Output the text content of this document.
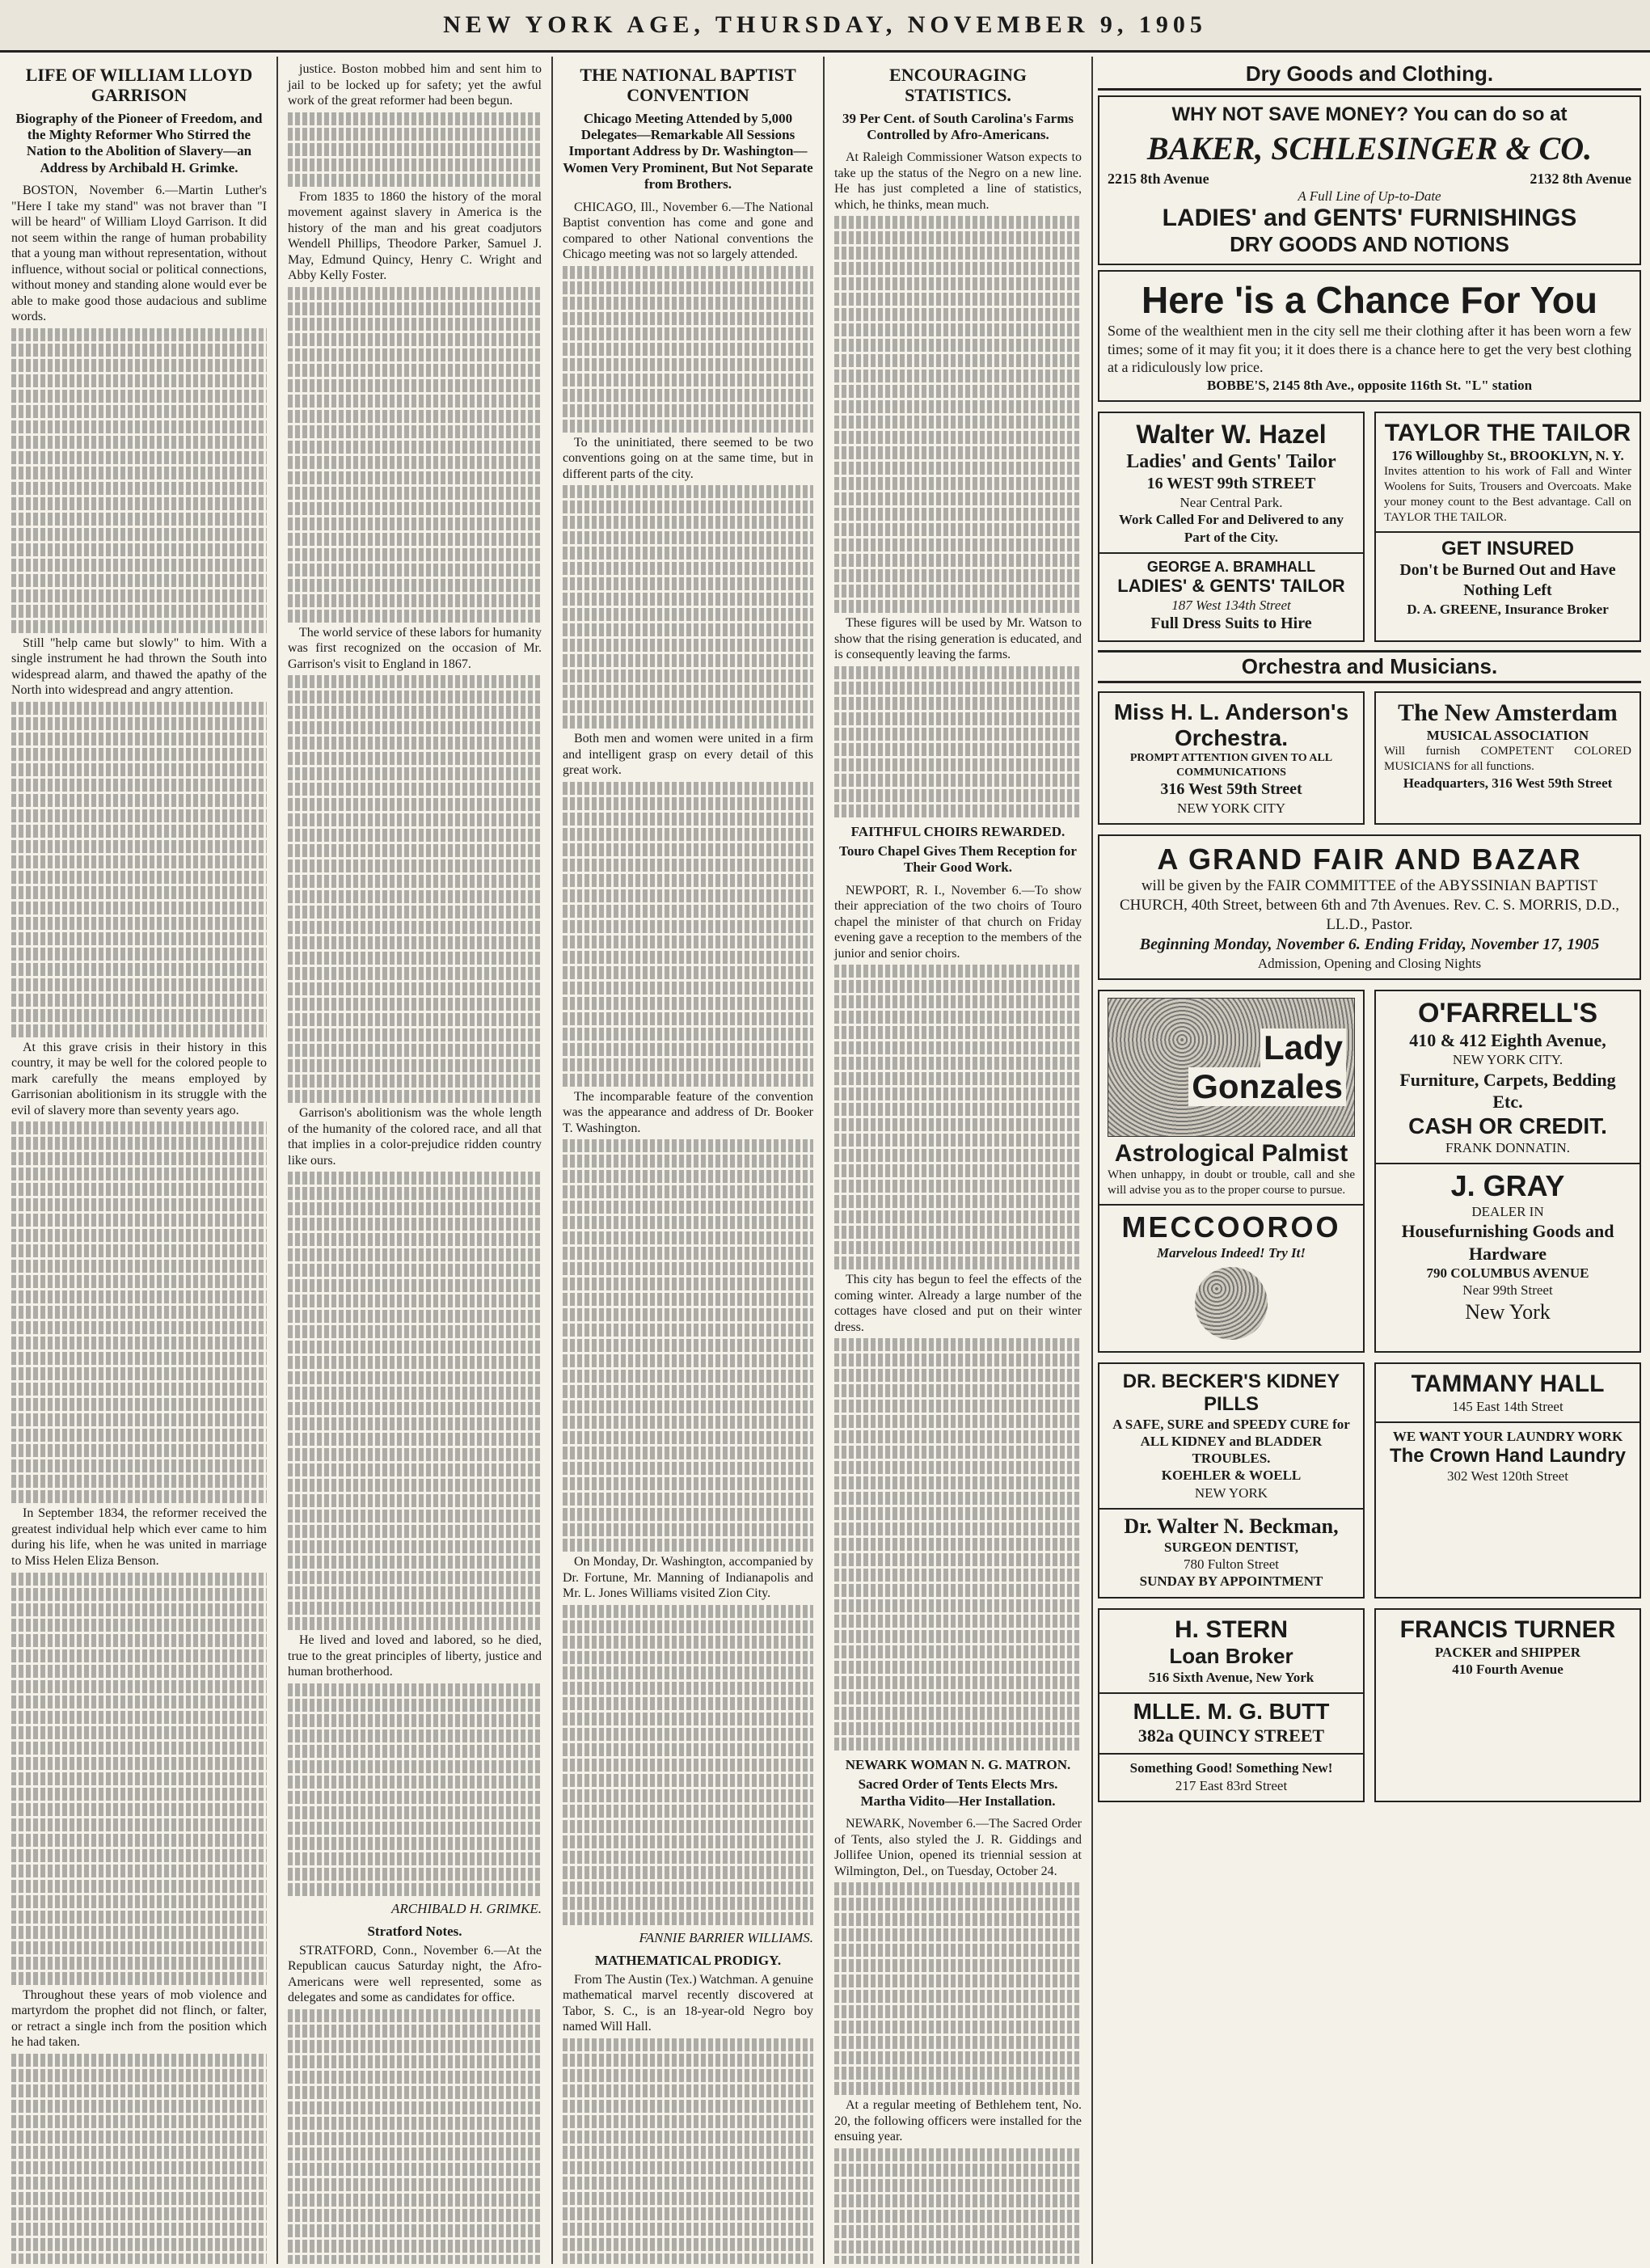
NEW YORK AGE, THURSDAY, NOVEMBER 9, 1905
LIFE OF WILLIAM LLOYD GARRISON
Biography of the Pioneer of Freedom, and the Mighty Reformer Who Stirred the Nation to the Abolition of Slavery—an Address by Archibald H. Grimke.

BOSTON, November 6.—Martin Luther's "Here I take my stand" was not braver than "I will be heard" of William Lloyd Garrison. It did not seem within the range of human probability that a young man without representation, without influence, without social or political connections, without money and standing alone would ever be able to make good those audacious and sublime words.

Still "help came but slowly" to him. With a single instrument he had thrown the South into widespread alarm, and thawed the apathy of the North into widespread and angry attention.

At this grave crisis in their history in this country, it may be well for the colored people to mark carefully the means employed by Garrisonian abolitionism in its struggle with the evil of slavery more than seventy years ago.

In September 1834, the reformer received the greatest individual help which ever came to him during his life, when he was united in marriage to Miss Helen Eliza Benson.

Throughout these years of mob violence and martyrdom the prophet did not flinch, or falter, or retract a single inch from the position which he had taken.

justice. Boston mobbed him and sent him to jail to be locked up for safety; yet the awful work of the great reformer had been begun.

From 1835 to 1860 the history of the moral movement against slavery in America is the history of the man and his great coadjutors Wendell Phillips, Theodore Parker, Samuel J. May, Edmund Quincy, Henry C. Wright and Abby Kelly Foster.

The world service of these labors for humanity was first recognized on the occasion of Mr. Garrison's visit to England in 1867.

Garrison's abolitionism was the whole length of the humanity of the colored race, and all that that implies in a color-prejudice ridden country like ours.

He lived and loved and labored, so he died, true to the great principles of liberty, justice and human brotherhood.

ARCHIBALD H. GRIMKE.
Stratford Notes.

STRATFORD, Conn., November 6.—At the Republican caucus Saturday night, the Afro-Americans were well represented, some as delegates and some as candidates for office.

THE NATIONAL BAPTIST CONVENTION
Chicago Meeting Attended by 5,000 Delegates—Remarkable All Sessions Important Address by Dr. Washington—Women Very Prominent, But Not Separate from Brothers.

CHICAGO, Ill., November 6.—The National Baptist convention has come and gone and compared to other National conventions the Chicago meeting was not so largely attended.

To the uninitiated, there seemed to be two conventions going on at the same time, but in different parts of the city.

Both men and women were united in a firm and intelligent grasp on every detail of this great work.

The incomparable feature of the convention was the appearance and address of Dr. Booker T. Washington.

On Monday, Dr. Washington, accompanied by Dr. Fortune, Mr. Manning of Indianapolis and Mr. L. Jones Williams visited Zion City.

FANNIE BARRIER WILLIAMS.
MATHEMATICAL PRODIGY.

From The Austin (Tex.) Watchman. A genuine mathematical marvel recently discovered at Tabor, S. C., is an 18-year-old Negro boy named Will Hall.

ENCOURAGING STATISTICS.
39 Per Cent. of South Carolina's Farms Controlled by Afro-Americans.

At Raleigh Commissioner Watson expects to take up the status of the Negro on a new line. He has just completed a line of statistics, which, he thinks, mean much.

These figures will be used by Mr. Watson to show that the rising generation is educated, and is consequently leaving the farms.

FAITHFUL CHOIRS REWARDED.
Touro Chapel Gives Them Reception for Their Good Work.

NEWPORT, R. I., November 6.—To show their appreciation of the two choirs of Touro chapel the minister of that church on Friday evening gave a reception to the members of the junior and senior choirs.

This city has begun to feel the effects of the coming winter. Already a large number of the cottages have closed and put on their winter dress.

NEWARK WOMAN N. G. MATRON.
Sacred Order of Tents Elects Mrs. Martha Vidito—Her Installation.

NEWARK, November 6.—The Sacred Order of Tents, also styled the J. R. Giddings and Jollifee Union, opened its triennial session at Wilmington, Del., on Tuesday, October 24.

At a regular meeting of Bethlehem tent, No. 20, the following officers were installed for the ensuing year.

Dry Goods and Clothing.
WHY NOT SAVE MONEY? You can do so at
BAKER, SCHLESINGER & CO.
2215 8th Avenue	2132 8th Avenue
A Full Line of Up-to-Date
LADIES' and GENTS' FURNISHINGS
DRY GOODS AND NOTIONS
Here 'is a Chance For You
Some of the wealthient men in the city sell me their clothing after it has been worn a few times; some of it may fit you; it it does there is a chance here to get the very best clothing at a ridiculously low price.
BOBBE'S, 2145 8th Ave., opposite 116th St. "L" station
Walter W. Hazel
Ladies' and Gents' Tailor
16 WEST 99th STREET
Near Central Park.
Work Called For and Delivered to any Part of the City.
GEORGE A. BRAMHALL
LADIES' & GENTS' TAILOR
187 West 134th Street
Full Dress Suits to Hire
TAYLOR THE TAILOR
176 Willoughby St., BROOKLYN, N. Y.
Invites attention to his work of Fall and Winter Woolens for Suits, Trousers and Overcoats. Make your money count to the Best advantage. Call on TAYLOR THE TAILOR.
GET INSURED
Don't be Burned Out and Have Nothing Left
D. A. GREENE, Insurance Broker
Orchestra and Musicians.
Miss H. L. Anderson's
Orchestra.
PROMPT ATTENTION GIVEN TO ALL COMMUNICATIONS
316 West 59th Street
NEW YORK CITY
The New Amsterdam
MUSICAL ASSOCIATION
Will furnish COMPETENT COLORED MUSICIANS for all functions.
Headquarters, 316 West 59th Street
A GRAND FAIR AND BAZAR
will be given by the FAIR COMMITTEE of the ABYSSINIAN BAPTIST CHURCH, 40th Street, between 6th and 7th Avenues. Rev. C. S. MORRIS, D.D., LL.D., Pastor.
Beginning Monday, November 6. Ending Friday, November 17, 1905
Admission, Opening and Closing Nights
Lady
Gonzales
Astrological Palmist
When unhappy, in doubt or trouble, call and she will advise you as to the proper course to pursue.
MECCOOROO
Marvelous Indeed! Try It!
O'FARRELL'S
410 & 412 Eighth Avenue,
NEW YORK CITY.
Furniture, Carpets, Bedding Etc.
CASH OR CREDIT.
FRANK DONNATIN.
J. GRAY
DEALER IN
Housefurnishing Goods and Hardware
790 COLUMBUS AVENUE
Near 99th Street
New York
DR. BECKER'S KIDNEY PILLS
A SAFE, SURE and SPEEDY CURE for ALL KIDNEY and BLADDER TROUBLES.
KOEHLER & WOELL
NEW YORK
Dr. Walter N. Beckman,
SURGEON DENTIST,
780 Fulton Street
SUNDAY BY APPOINTMENT
TAMMANY HALL
145 East 14th Street
WE WANT YOUR LAUNDRY WORK
The Crown Hand Laundry
302 West 120th Street
H. STERN
Loan Broker
516 Sixth Avenue, New York
MLLE. M. G. BUTT
382a QUINCY STREET
Something Good! Something New!
217 East 83rd Street
FRANCIS TURNER
PACKER and SHIPPER
410 Fourth Avenue
